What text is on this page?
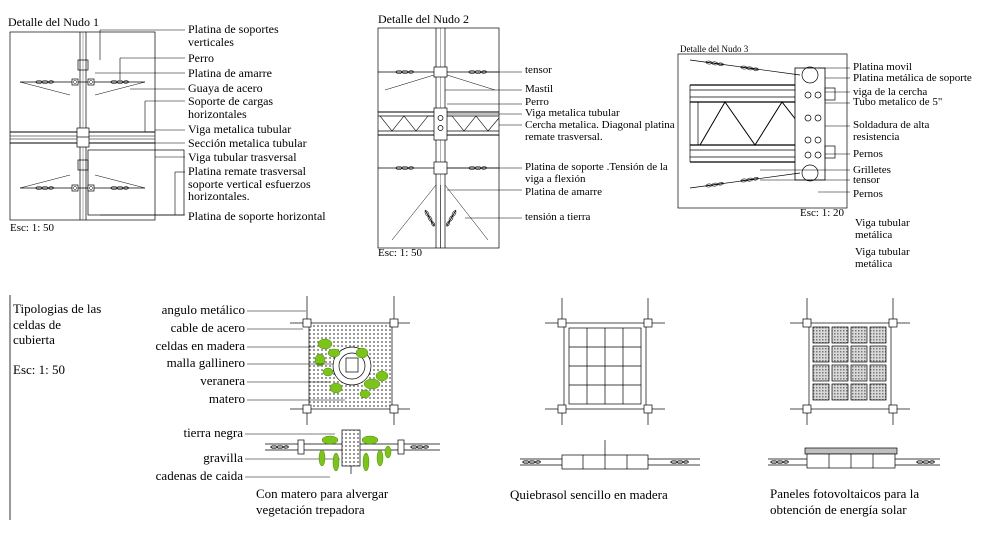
Detalle del Nudo 1	Platina de soportes verticales
Perro
Platina de amarre
Guaya de acero
Soporte de cargas horizontales
Viga metalica tubular
Sección metalica tubular
Viga tubular trasversal
Platina remate trasversal soporte vertical esfuerzos horizontales.
Platina de soporte horizontal
Esc: 1: 50
Detalle del Nudo 2
tensor
Mastil
Perro
Viga metalica tubular
Cercha metalica. Diagonal platina remate trasversal.
Platina de soporte .Tensión de la viga a flexión
Platina de amarre
tensión a tierra
Esc: 1: 50
Detalle del Nudo 3
Platina movil
Platina metálica de soporte
viga de la cercha
Tubo metalico de 5"
Soldadura de alta resistencia
Pernos
Grilletes
tensor
Pernos
Viga tubular metálica
Viga tubular metálica
Esc: 1: 20
Tipologias de las celdas de cubierta
Esc: 1: 50
angulo metálico
cable de acero
celdas en madera
malla gallinero
veranera
matero
tierra negra
gravilla
cadenas de caida
Con matero para alvergar vegetación trepadora
Quiebrasol sencillo en madera	Paneles fotovoltaicos para la obtención de energía solar
